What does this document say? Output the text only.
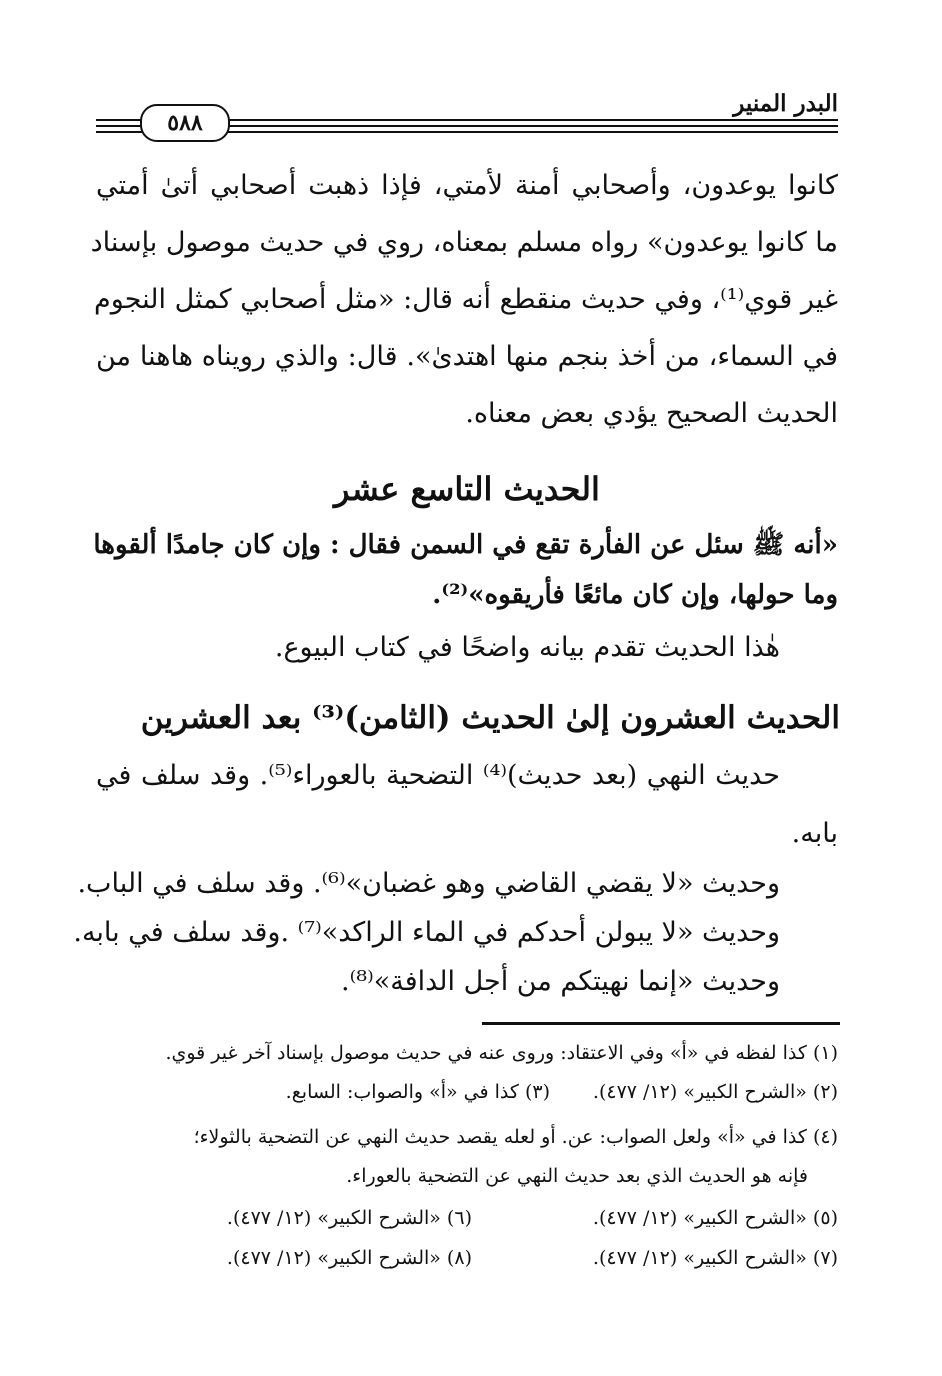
البدر المنير
٥٨٨
كانوا يوعدون، وأصحابي أمنة لأمتي، فإذا ذهبت أصحابي أتىٰ أمتي
ما كانوا يوعدون» رواه مسلم بمعناه، روي في حديث موصول بإسناد
غير قوي⁽¹⁾، وفي حديث منقطع أنه قال: «مثل أصحابي كمثل النجوم
في السماء، من أخذ بنجم منها اهتدىٰ». قال: والذي رويناه هاهنا من
الحديث الصحيح يؤدي بعض معناه.
الحديث التاسع عشر
«أنه ﷺ سئل عن الفأرة تقع في السمن فقال : وإن كان جامدًا ألقوها
وما حولها، وإن كان مائعًا فأريقوه»⁽²⁾.
هٰذا الحديث تقدم بيانه واضحًا في كتاب البيوع.
الحديث العشرون إلىٰ الحديث (الثامن)⁽³⁾ بعد العشرين
حديث النهي (بعد حديث)⁽⁴⁾ التضحية بالعوراء⁽⁵⁾. وقد سلف في
بابه.
وحديث «لا يقضي القاضي وهو غضبان»⁽⁶⁾. وقد سلف في الباب.
وحديث «لا يبولن أحدكم في الماء الراكد»⁽⁷⁾ .وقد سلف في بابه.
وحديث «إنما نهيتكم من أجل الدافة»⁽⁸⁾.
(١) كذا لفظه في «أ» وفي الاعتقاد: وروى عنه في حديث موصول بإسناد آخر غير قوي.
(٢) «الشرح الكبير» (١٢/ ٤٧٧).
(٣) كذا في «أ» والصواب: السابع.
(٤) كذا في «أ» ولعل الصواب: عن. أو لعله يقصد حديث النهي عن التضحية بالثولاء؛
فإنه هو الحديث الذي بعد حديث النهي عن التضحية بالعوراء.
(٥) «الشرح الكبير» (١٢/ ٤٧٧).
(٦) «الشرح الكبير» (١٢/ ٤٧٧).
(٧) «الشرح الكبير» (١٢/ ٤٧٧).
(٨) «الشرح الكبير» (١٢/ ٤٧٧).
